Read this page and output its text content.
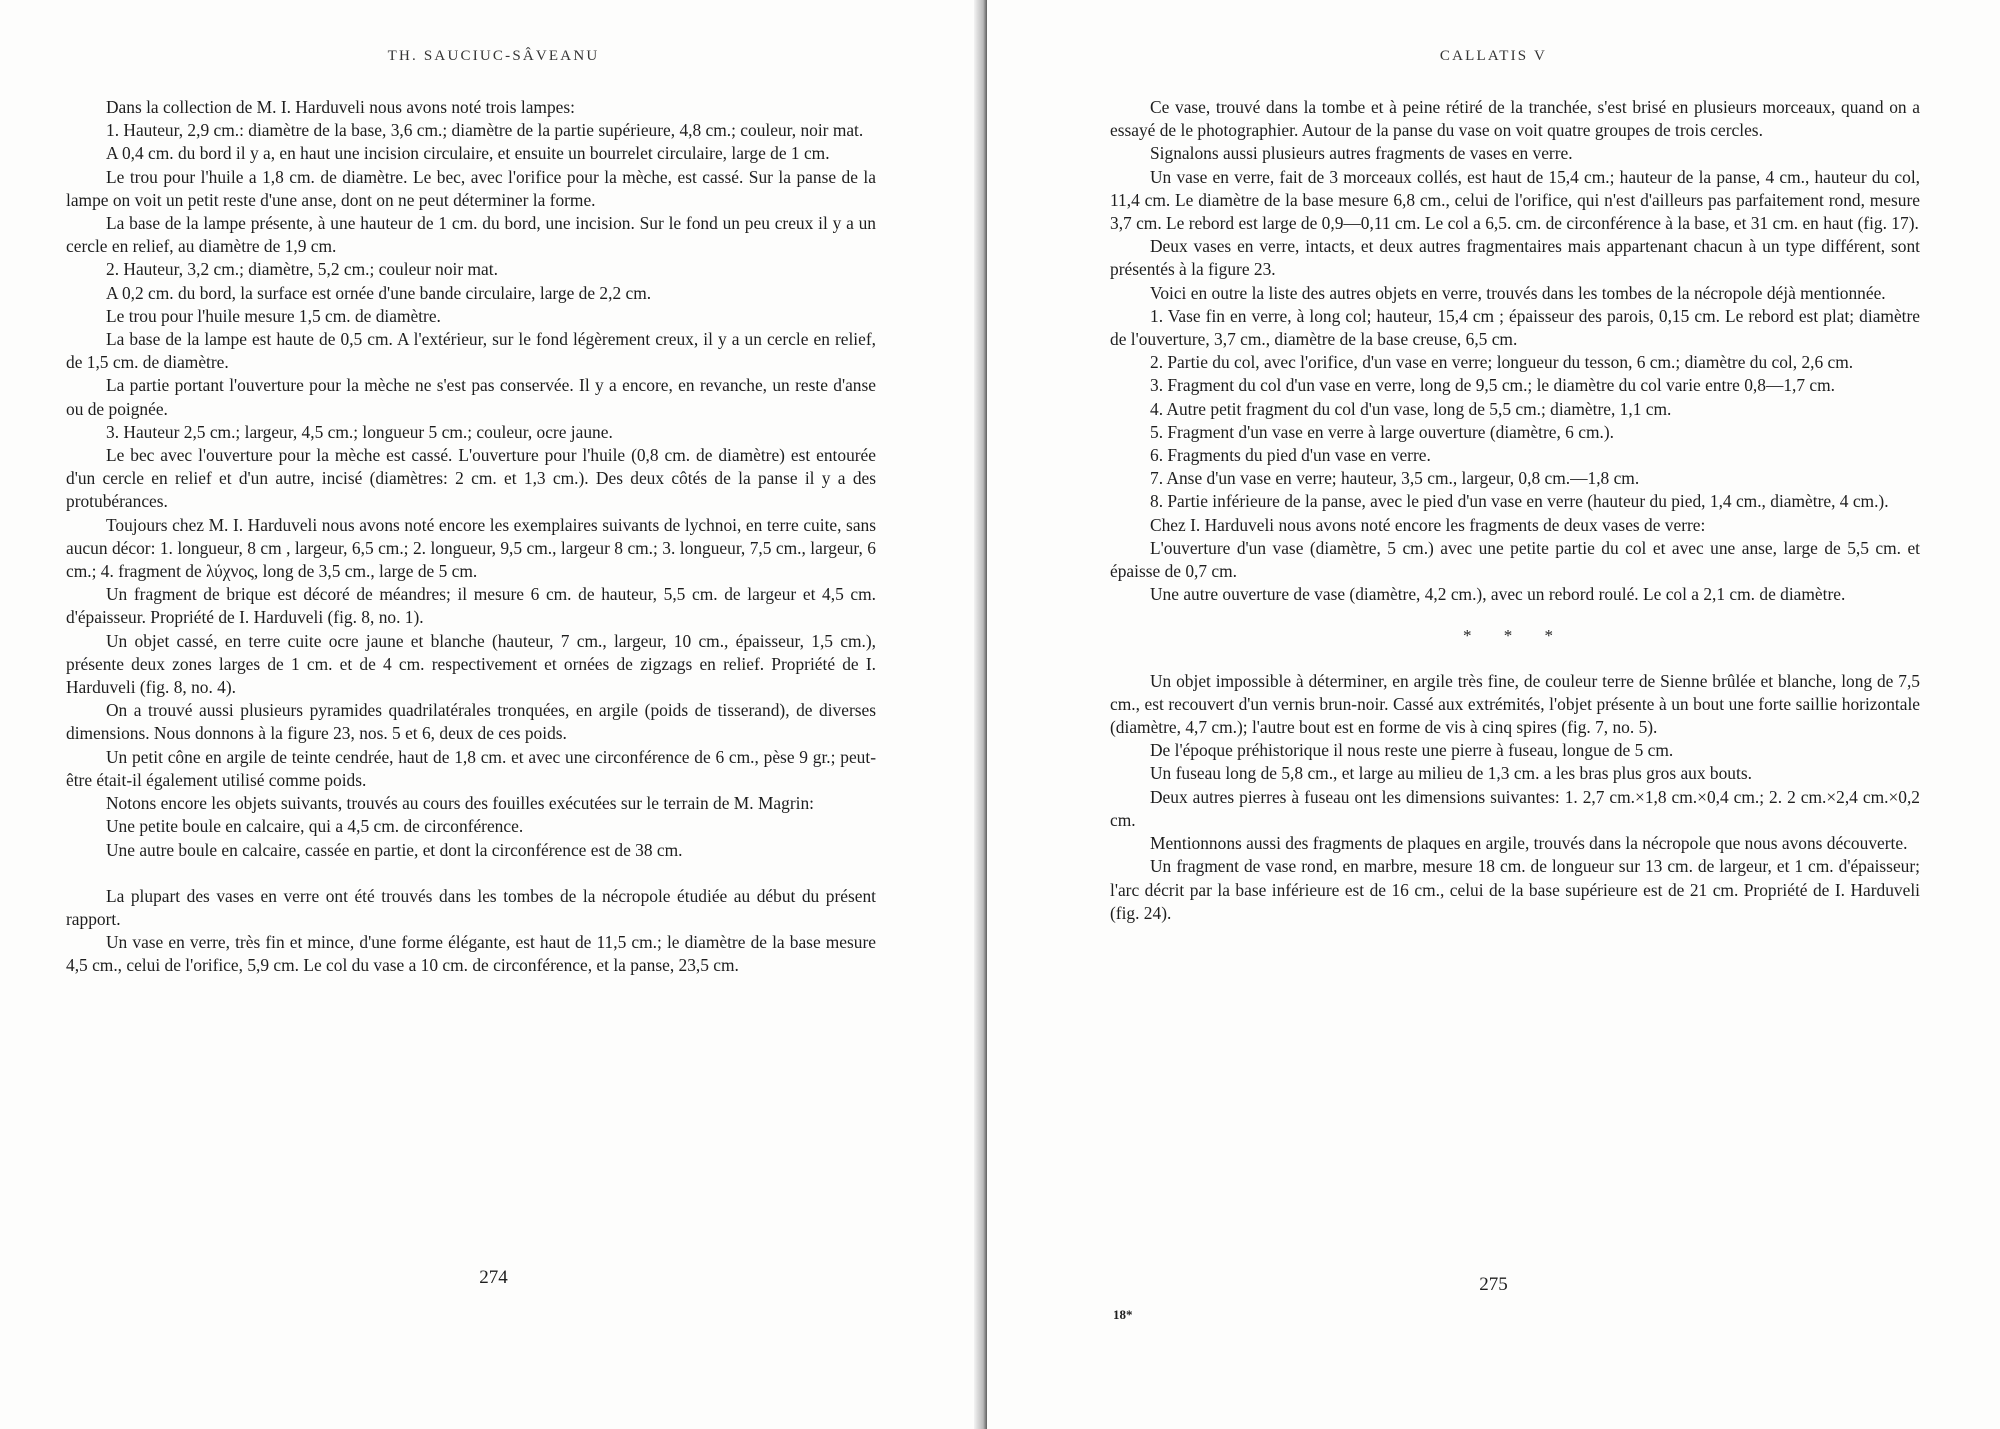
TH. SAUCIUC-SÂVEANU

Dans la collection de M. I. Harduveli nous avons noté trois lampes:

1. Hauteur, 2,9 cm.: diamètre de la base, 3,6 cm.; diamètre de la partie supérieure, 4,8 cm.; couleur, noir mat.

A 0,4 cm. du bord il y a, en haut une incision circulaire, et ensuite un bourrelet circulaire, large de 1 cm.

Le trou pour l'huile a 1,8 cm. de diamètre. Le bec, avec l'orifice pour la mèche, est cassé. Sur la panse de la lampe on voit un petit reste d'une anse, dont on ne peut déterminer la forme.

La base de la lampe présente, à une hauteur de 1 cm. du bord, une incision. Sur le fond un peu creux il y a un cercle en relief, au diamètre de 1,9 cm.

2. Hauteur, 3,2 cm.; diamètre, 5,2 cm.; couleur noir mat.

A 0,2 cm. du bord, la surface est ornée d'une bande circulaire, large de 2,2 cm.

Le trou pour l'huile mesure 1,5 cm. de diamètre.

La base de la lampe est haute de 0,5 cm. A l'extérieur, sur le fond légèrement creux, il y a un cercle en relief, de 1,5 cm. de diamètre.

La partie portant l'ouverture pour la mèche ne s'est pas conservée. Il y a encore, en revanche, un reste d'anse ou de poignée.

3. Hauteur 2,5 cm.; largeur, 4,5 cm.; longueur 5 cm.; couleur, ocre jaune.

Le bec avec l'ouverture pour la mèche est cassé. L'ouverture pour l'huile (0,8 cm. de diamètre) est entourée d'un cercle en relief et d'un autre, incisé (diamètres: 2 cm. et 1,3 cm.). Des deux côtés de la panse il y a des protubérances.

Toujours chez M. I. Harduveli nous avons noté encore les exemplaires suivants de lychnoi, en terre cuite, sans aucun décor: 1. longueur, 8 cm , largeur, 6,5 cm.; 2. longueur, 9,5 cm., largeur 8 cm.; 3. longueur, 7,5 cm., largeur, 6 cm.; 4. fragment de λύχνος, long de 3,5 cm., large de 5 cm.

Un fragment de brique est décoré de méandres; il mesure 6 cm. de hauteur, 5,5 cm. de largeur et 4,5 cm. d'épaisseur. Propriété de I. Harduveli (fig. 8, no. 1).

Un objet cassé, en terre cuite ocre jaune et blanche (hauteur, 7 cm., largeur, 10 cm., épaisseur, 1,5 cm.), présente deux zones larges de 1 cm. et de 4 cm. respectivement et ornées de zigzags en relief. Propriété de I. Harduveli (fig. 8, no. 4).

On a trouvé aussi plusieurs pyramides quadrilatérales tronquées, en argile (poids de tisserand), de diverses dimensions. Nous donnons à la figure 23, nos. 5 et 6, deux de ces poids.

Un petit cône en argile de teinte cendrée, haut de 1,8 cm. et avec une circonférence de 6 cm., pèse 9 gr.; peut-être était-il également utilisé comme poids.

Notons encore les objets suivants, trouvés au cours des fouilles exécutées sur le terrain de M. Magrin:

Une petite boule en calcaire, qui a 4,5 cm. de circonférence.

Une autre boule en calcaire, cassée en partie, et dont la circonférence est de 38 cm.

La plupart des vases en verre ont été trouvés dans les tombes de la nécropole étudiée au début du présent rapport.

Un vase en verre, très fin et mince, d'une forme élégante, est haut de 11,5 cm.; le diamètre de la base mesure 4,5 cm., celui de l'orifice, 5,9 cm. Le col du vase a 10 cm. de circonférence, et la panse, 23,5 cm.

274
CALLATIS V

Ce vase, trouvé dans la tombe et à peine rétiré de la tranchée, s'est brisé en plusieurs morceaux, quand on a essayé de le photographier. Autour de la panse du vase on voit quatre groupes de trois cercles.

Signalons aussi plusieurs autres fragments de vases en verre.

Un vase en verre, fait de 3 morceaux collés, est haut de 15,4 cm.; hauteur de la panse, 4 cm., hauteur du col, 11,4 cm. Le diamètre de la base mesure 6,8 cm., celui de l'orifice, qui n'est d'ailleurs pas parfaitement rond, mesure 3,7 cm. Le rebord est large de 0,9—0,11 cm. Le col a 6,5. cm. de circonférence à la base, et 31 cm. en haut (fig. 17).

Deux vases en verre, intacts, et deux autres fragmentaires mais appartenant chacun à un type différent, sont présentés à la figure 23.

Voici en outre la liste des autres objets en verre, trouvés dans les tombes de la nécropole déjà mentionnée.

1. Vase fin en verre, à long col; hauteur, 15,4 cm ; épaisseur des parois, 0,15 cm. Le rebord est plat; diamètre de l'ouverture, 3,7 cm., diamètre de la base creuse, 6,5 cm.

2. Partie du col, avec l'orifice, d'un vase en verre; longueur du tesson, 6 cm.; diamètre du col, 2,6 cm.

3. Fragment du col d'un vase en verre, long de 9,5 cm.; le diamètre du col varie entre 0,8—1,7 cm.

4. Autre petit fragment du col d'un vase, long de 5,5 cm.; diamètre, 1,1 cm.

5. Fragment d'un vase en verre à large ouverture (diamètre, 6 cm.).

6. Fragments du pied d'un vase en verre.

7. Anse d'un vase en verre; hauteur, 3,5 cm., largeur, 0,8 cm.—1,8 cm.

8. Partie inférieure de la panse, avec le pied d'un vase en verre (hauteur du pied, 1,4 cm., diamètre, 4 cm.).

Chez I. Harduveli nous avons noté encore les fragments de deux vases de verre:

L'ouverture d'un vase (diamètre, 5 cm.) avec une petite partie du col et avec une anse, large de 5,5 cm. et épaisse de 0,7 cm.

Une autre ouverture de vase (diamètre, 4,2 cm.), avec un rebord roulé. Le col a 2,1 cm. de diamètre.

* * *

Un objet impossible à déterminer, en argile très fine, de couleur terre de Sienne brûlée et blanche, long de 7,5 cm., est recouvert d'un vernis brun-noir. Cassé aux extrémités, l'objet présente à un bout une forte saillie horizontale (diamètre, 4,7 cm.); l'autre bout est en forme de vis à cinq spires (fig. 7, no. 5).

De l'époque préhistorique il nous reste une pierre à fuseau, longue de 5 cm.

Un fuseau long de 5,8 cm., et large au milieu de 1,3 cm. a les bras plus gros aux bouts.

Deux autres pierres à fuseau ont les dimensions suivantes: 1. 2,7 cm.×1,8 cm.×0,4 cm.; 2. 2 cm.×2,4 cm.×0,2 cm.

Mentionnons aussi des fragments de plaques en argile, trouvés dans la nécropole que nous avons découverte.

Un fragment de vase rond, en marbre, mesure 18 cm. de longueur sur 13 cm. de largeur, et 1 cm. d'épaisseur; l'arc décrit par la base inférieure est de 16 cm., celui de la base supérieure est de 21 cm. Propriété de I. Harduveli (fig. 24).

275
18*
